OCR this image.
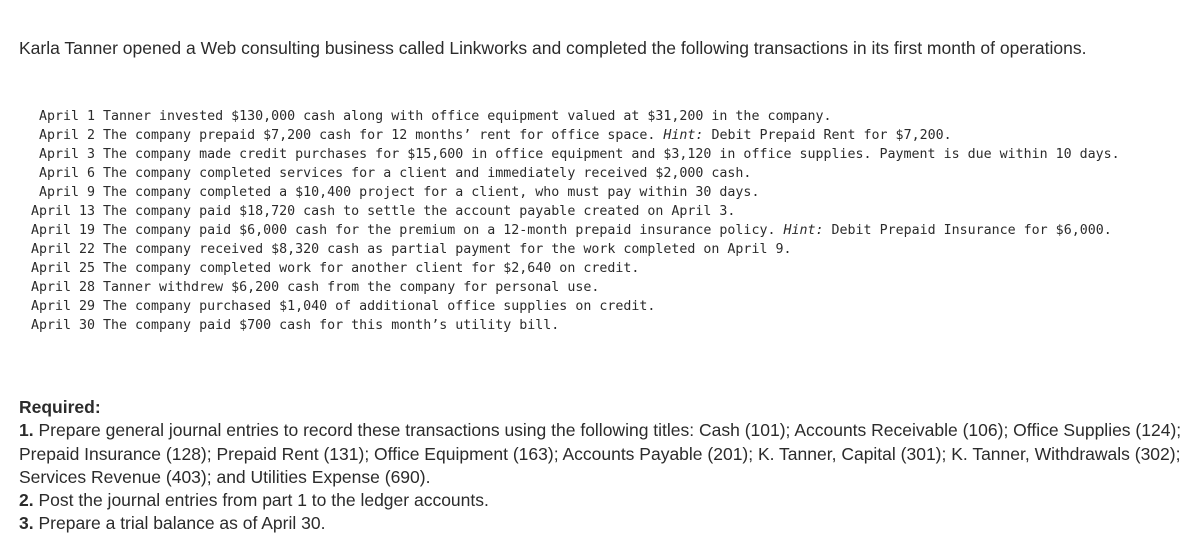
Karla Tanner opened a Web consulting business called Linkworks and completed the following transactions in its first month of operations.
April 1 Tanner invested $130,000 cash along with office equipment valued at $31,200 in the company.
April 2 The company prepaid $7,200 cash for 12 months’ rent for office space. Hint: Debit Prepaid Rent for $7,200.
April 3 The company made credit purchases for $15,600 in office equipment and $3,120 in office supplies. Payment is due within 10 days.
April 6 The company completed services for a client and immediately received $2,000 cash.
April 9 The company completed a $10,400 project for a client, who must pay within 30 days.
April 13 The company paid $18,720 cash to settle the account payable created on April 3.
April 19 The company paid $6,000 cash for the premium on a 12-month prepaid insurance policy. Hint: Debit Prepaid Insurance for $6,000.
April 22 The company received $8,320 cash as partial payment for the work completed on April 9.
April 25 The company completed work for another client for $2,640 on credit.
April 28 Tanner withdrew $6,200 cash from the company for personal use.
April 29 The company purchased $1,040 of additional office supplies on credit.
April 30 The company paid $700 cash for this month’s utility bill.
Required:
1. Prepare general journal entries to record these transactions using the following titles: Cash (101); Accounts Receivable (106); Office Supplies (124); Prepaid Insurance (128); Prepaid Rent (131); Office Equipment (163); Accounts Payable (201); K. Tanner, Capital (301); K. Tanner, Withdrawals (302); Services Revenue (403); and Utilities Expense (690).
2. Post the journal entries from part 1 to the ledger accounts.
3. Prepare a trial balance as of April 30.
